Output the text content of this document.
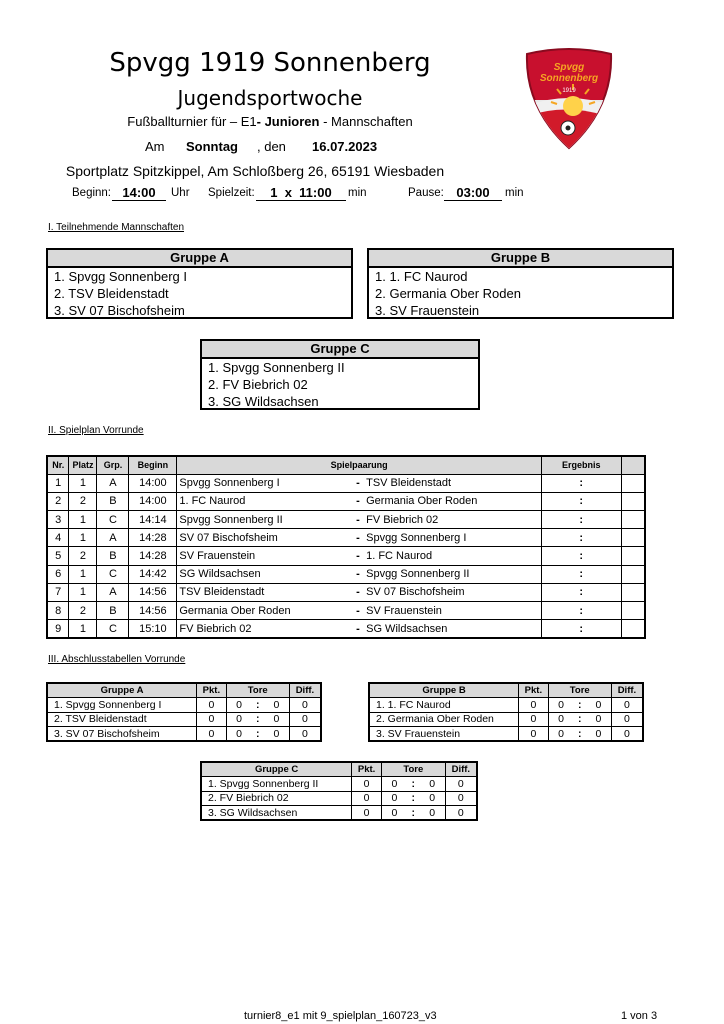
Spvgg 1919 Sonnenberg
Jugendsportwoche
Fußballturnier für – E1- Junioren - Mannschaften
Am Sonntag , den 16.07.2023
Sportplatz Spitzkippel, Am Schloßberg 26, 65191 Wiesbaden
Beginn: 14:00	Uhr Spielzeit:	1  x  11:00	min	Pause: 03:00	min
Spvgg
Sonnenberg
1919
I. Teilnehmende Mannschaften
Gruppe A
1. Spvgg Sonnenberg I
2. TSV Bleidenstadt
3. SV 07 Bischofsheim
Gruppe B
1. 1. FC Naurod
2. Germania Ober Roden
3. SV Frauenstein
Gruppe C
1. Spvgg Sonnenberg II
2. FV Biebrich 02
3. SG Wildsachsen
II. Spielplan Vorrunde
Nr.	Platz	Grp.	Beginn	Spielpaarung		Ergebnis	
1	1	A	14:00	Spvgg Sonnenberg I	- TSV Bleidenstadt	:	
2	2	B	14:00	1. FC Naurod	- Germania Ober Roden	:	
3	1	C	14:14	Spvgg Sonnenberg II	- FV Biebrich 02	:	
4	1	A	14:28	SV 07 Bischofsheim	- Spvgg Sonnenberg I	:	
5	2	B	14:28	SV Frauenstein	- 1. FC Naurod	:	
6	1	C	14:42	SG Wildsachsen	- Spvgg Sonnenberg II	:	
7	1	A	14:56	TSV Bleidenstadt	- SV 07 Bischofsheim	:	
8	2	B	14:56	Germania Ober Roden	- SV Frauenstein	:	
9	1	C	15:10	FV Biebrich 02	- SG Wildsachsen	:	
III. Abschlusstabellen Vorrunde
Gruppe A	Pkt.	Tore			Diff.
1. Spvgg Sonnenberg I	0	0	:	0	0
2. TSV Bleidenstadt	0	0	:	0	0
3. SV 07 Bischofsheim	0	0	:	0	0
Gruppe B	Pkt.	Tore			Diff.
1. 1. FC Naurod	0	0	:	0	0
2. Germania Ober Roden	0	0	:	0	0
3. SV Frauenstein	0	0	:	0	0
Gruppe C	Pkt.	Tore			Diff.
1. Spvgg Sonnenberg II	0	0	:	0	0
2. FV Biebrich 02	0	0	:	0	0
3. SG Wildsachsen	0	0	:	0	0
turnier8_e1 mit 9_spielplan_160723_v3	1 von 3
